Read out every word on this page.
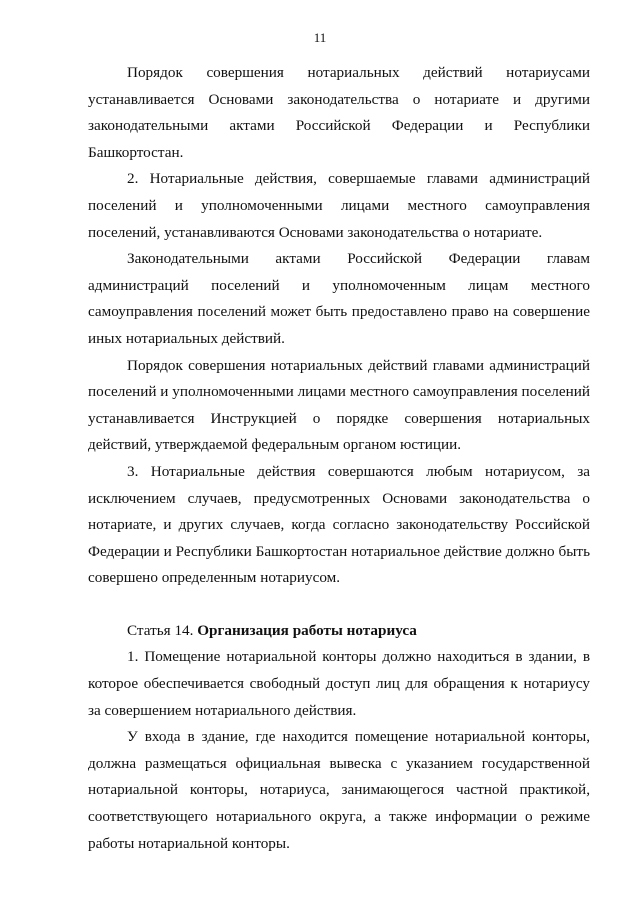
11

Порядок совершения нотариальных действий нотариусами устанавливается Основами законодательства о нотариате и другими законодательными актами Российской Федерации и Республики Башкортостан.

2. Нотариальные действия, совершаемые главами администраций поселений и уполномоченными лицами местного самоуправления поселений, устанавливаются Основами законодательства о нотариате.

Законодательными актами Российской Федерации главам администраций поселений и уполномоченным лицам местного самоуправления поселений может быть предоставлено право на совершение иных нотариальных действий.

Порядок совершения нотариальных действий главами администраций поселений и уполномоченными лицами местного самоуправления поселений устанавливается Инструкцией о порядке совершения нотариальных действий, утверждаемой федеральным органом юстиции.

3. Нотариальные действия совершаются любым нотариусом, за исключением случаев, предусмотренных Основами законодательства о нотариате, и других случаев, когда согласно законодательству Российской Федерации и Республики Башкортостан нотариальное действие должно быть совершено определенным нотариусом.

Статья 14. Организация работы нотариуса

1. Помещение нотариальной конторы должно находиться в здании, в которое обеспечивается свободный доступ лиц для обращения к нотариусу за совершением нотариального действия.

У входа в здание, где находится помещение нотариальной конторы, должна размещаться официальная вывеска с указанием государственной нотариальной конторы, нотариуса, занимающегося частной практикой, соответствующего нотариального округа, а также информации о режиме работы нотариальной конторы.
